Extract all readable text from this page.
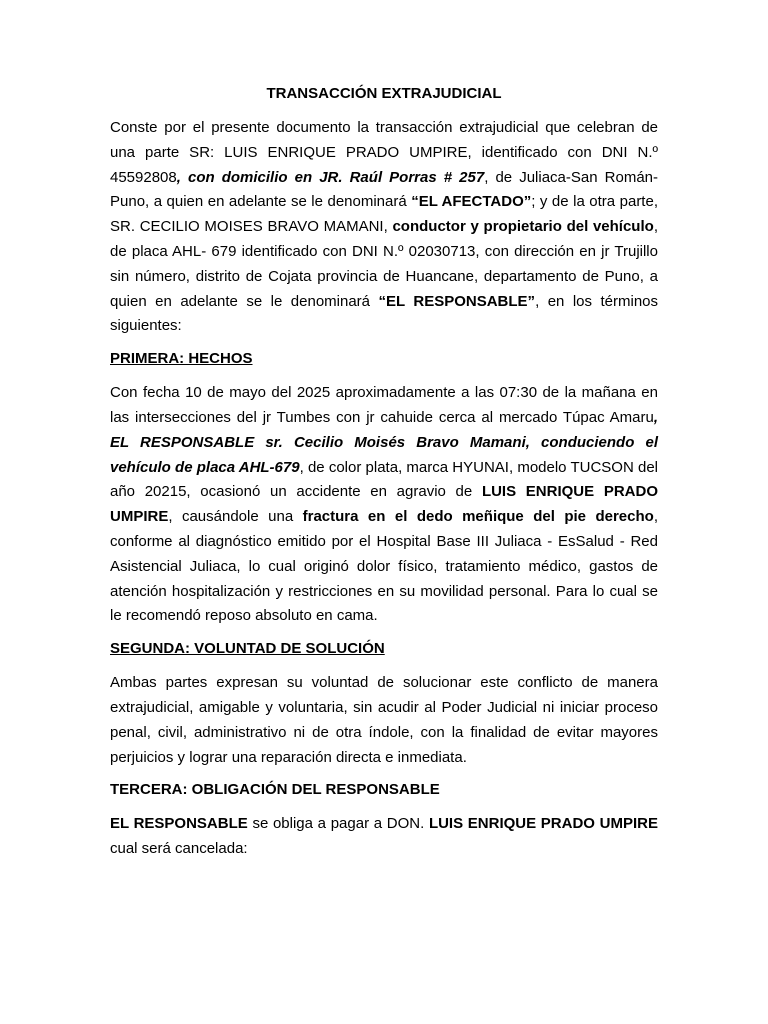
TRANSACCIÓN EXTRAJUDICIAL

Conste por el presente documento la transacción extrajudicial que celebran de una parte SR: LUIS ENRIQUE PRADO UMPIRE, identificado con DNI N.º 45592808, con domicilio en JR. Raúl Porras # 257, de Juliaca-San Román-Puno, a quien en adelante se le denominará “EL AFECTADO”; y de la otra parte, SR. CECILIO MOISES BRAVO MAMANI, conductor y propietario del vehículo, de placa AHL- 679 identificado con DNI N.º 02030713, con dirección en jr Trujillo sin número, distrito de Cojata provincia de Huancane, departamento de Puno, a quien en adelante se le denominará “EL RESPONSABLE”, en los términos siguientes:

PRIMERA: HECHOS

Con fecha 10 de mayo del 2025 aproximadamente a las 07:30 de la mañana en las intersecciones del jr Tumbes con jr cahuide cerca al mercado Túpac Amaru, EL RESPONSABLE sr. Cecilio Moisés Bravo Mamani, conduciendo el vehículo de placa AHL-679, de color plata, marca HYUNAI, modelo TUCSON del año 20215, ocasionó un accidente en agravio de LUIS ENRIQUE PRADO UMPIRE, causándole una fractura en el dedo meñique del pie derecho, conforme al diagnóstico emitido por el Hospital Base III Juliaca - EsSalud - Red Asistencial Juliaca, lo cual originó dolor físico, tratamiento médico, gastos de atención hospitalización y restricciones en su movilidad personal. Para lo cual se le recomendó reposo absoluto en cama.

SEGUNDA: VOLUNTAD DE SOLUCIÓN

Ambas partes expresan su voluntad de solucionar este conflicto de manera extrajudicial, amigable y voluntaria, sin acudir al Poder Judicial ni iniciar proceso penal, civil, administrativo ni de otra índole, con la finalidad de evitar mayores perjuicios y lograr una reparación directa e inmediata.

TERCERA: OBLIGACIÓN DEL RESPONSABLE

EL RESPONSABLE se obliga a pagar a DON. LUIS ENRIQUE PRADO UMPIRE cual será cancelada:
